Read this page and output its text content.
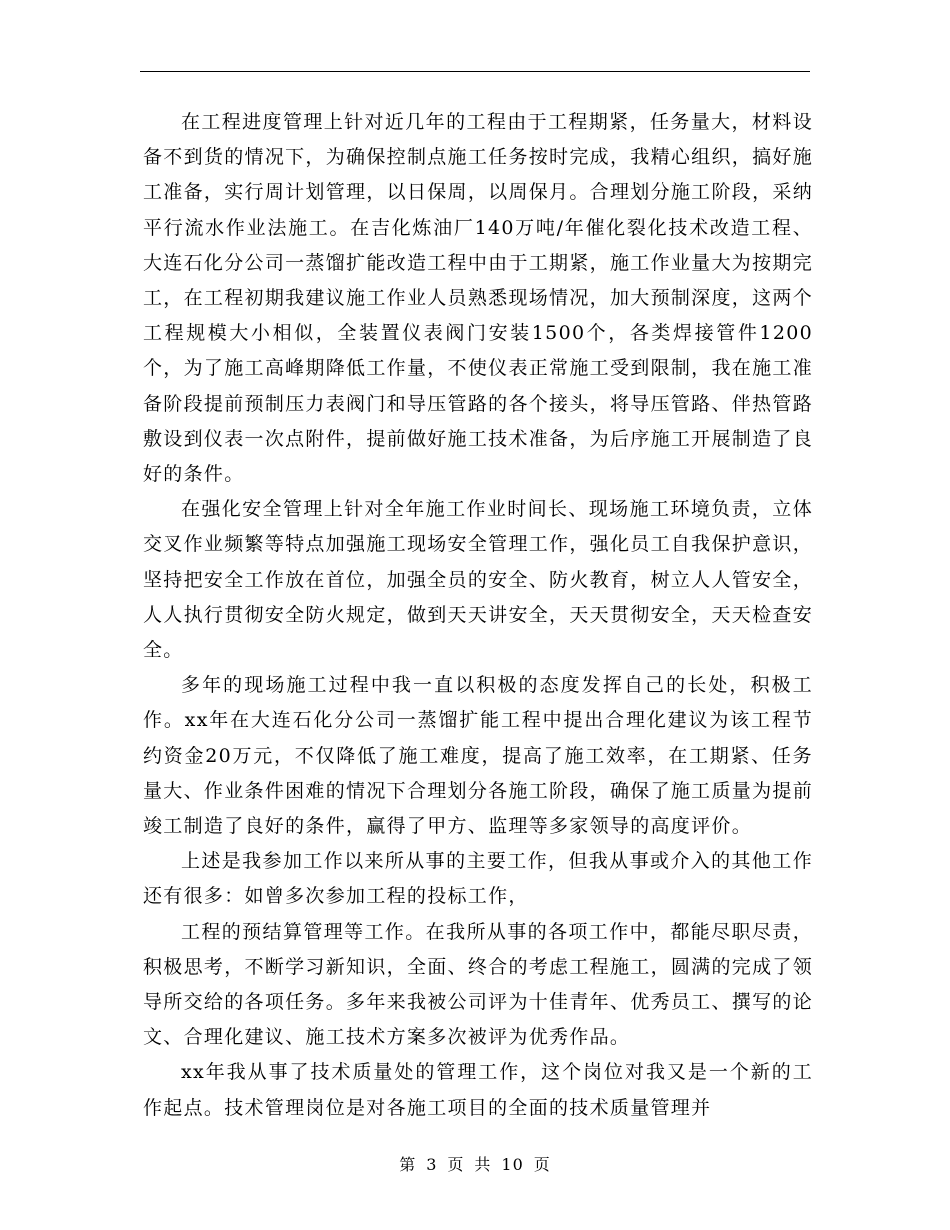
在工程进度管理上针对近几年的工程由于工程期紧，任务量大，材料设备不到货的情况下，为确保控制点施工任务按时完成，我精心组织，搞好施工准备，实行周计划管理，以日保周，以周保月。合理划分施工阶段，采纳平行流水作业法施工。在吉化炼油厂140万吨/年催化裂化技术改造工程、大连石化分公司一蒸馏扩能改造工程中由于工期紧，施工作业量大为按期完工，在工程初期我建议施工作业人员熟悉现场情况，加大预制深度，这两个工程规模大小相似，全装置仪表阀门安装1500个，各类焊接管件1200个，为了施工高峰期降低工作量，不使仪表正常施工受到限制，我在施工准备阶段提前预制压力表阀门和导压管路的各个接头，将导压管路、伴热管路敷设到仪表一次点附件，提前做好施工技术准备，为后序施工开展制造了良好的条件。

在强化安全管理上针对全年施工作业时间长、现场施工环境负责，立体交叉作业频繁等特点加强施工现场安全管理工作，强化员工自我保护意识，坚持把安全工作放在首位，加强全员的安全、防火教育，树立人人管安全，人人执行贯彻安全防火规定，做到天天讲安全，天天贯彻安全，天天检查安全。

多年的现场施工过程中我一直以积极的态度发挥自己的长处，积极工作。xx年在大连石化分公司一蒸馏扩能工程中提出合理化建议为该工程节约资金20万元，不仅降低了施工难度，提高了施工效率，在工期紧、任务量大、作业条件困难的情况下合理划分各施工阶段，确保了施工质量为提前竣工制造了良好的条件，赢得了甲方、监理等多家领导的高度评价。

上述是我参加工作以来所从事的主要工作，但我从事或介入的其他工作还有很多：如曾多次参加工程的投标工作，

工程的预结算管理等工作。在我所从事的各项工作中，都能尽职尽责，积极思考，不断学习新知识，全面、终合的考虑工程施工，圆满的完成了领导所交给的各项任务。多年来我被公司评为十佳青年、优秀员工、撰写的论文、合理化建议、施工技术方案多次被评为优秀作品。

xx年我从事了技术质量处的管理工作，这个岗位对我又是一个新的工作起点。技术管理岗位是对各施工项目的全面的技术质量管理并

第 3 页 共 10 页
